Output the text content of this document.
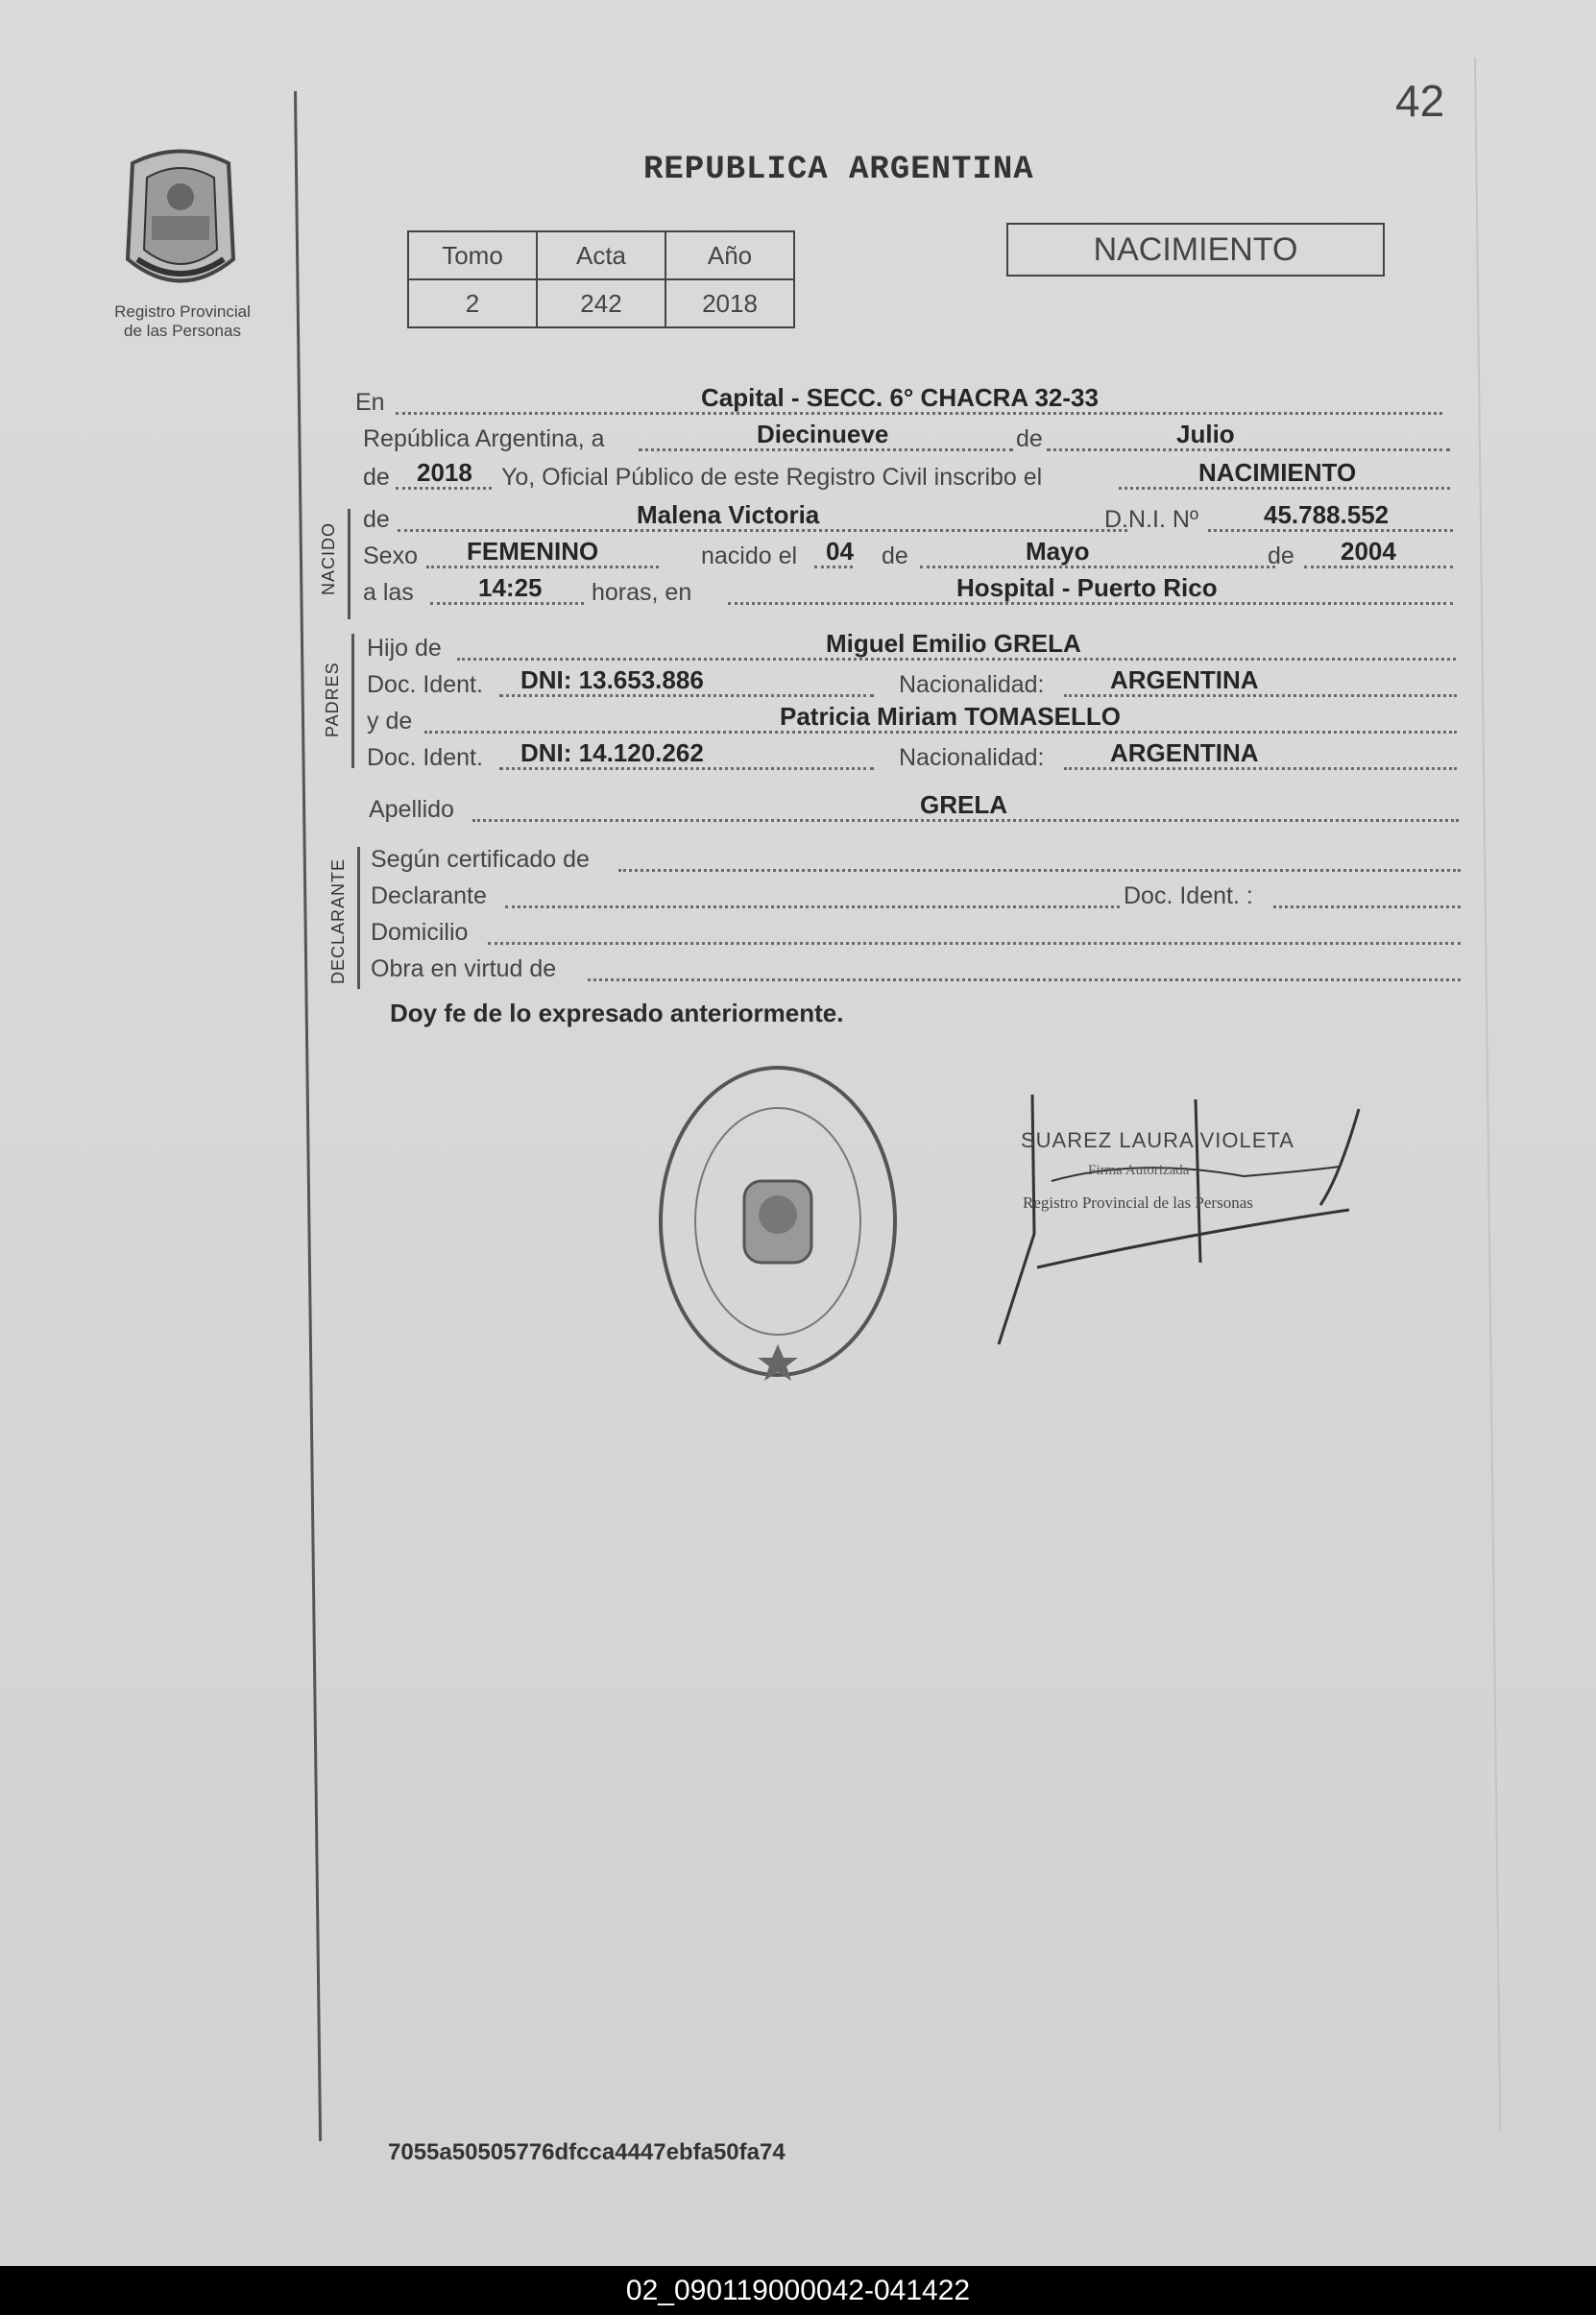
42
Registro Provincial
de las Personas
REPUBLICA ARGENTINA
Tomo	Acta	Año
2	242	2018
NACIMIENTO
En	Capital - SECC. 6° CHACRA 32-33
República Argentina, a	Diecinueve	de	Julio
de 2018 Yo, Oficial Público de este Registro Civil inscribo el	NACIMIENTO
NACIDO
de	Malena Victoria	D.N.I. Nº	45.788.552
Sexo FEMENINO	nacido el 04 de	Mayo	de 2004
a las	14:25 horas, en	Hospital - Puerto Rico
PADRES
Hijo de	Miguel Emilio GRELA
Doc. Ident. DNI: 13.653.886	Nacionalidad:	ARGENTINA
y de	Patricia Miriam TOMASELLO
Doc. Ident. DNI: 14.120.262	Nacionalidad:	ARGENTINA
Apellido	GRELA
DECLARANTE Según certificado de
Declarante	Doc. Ident. :
Domicilio
Obra en virtud de
Doy fe de lo expresado anteriormente.
SUAREZ LAURA VIOLETA
Firma Autorizada
Registro Provincial de las Personas
7055a50505776dfcca4447ebfa50fa74
02_090119000042-041422
